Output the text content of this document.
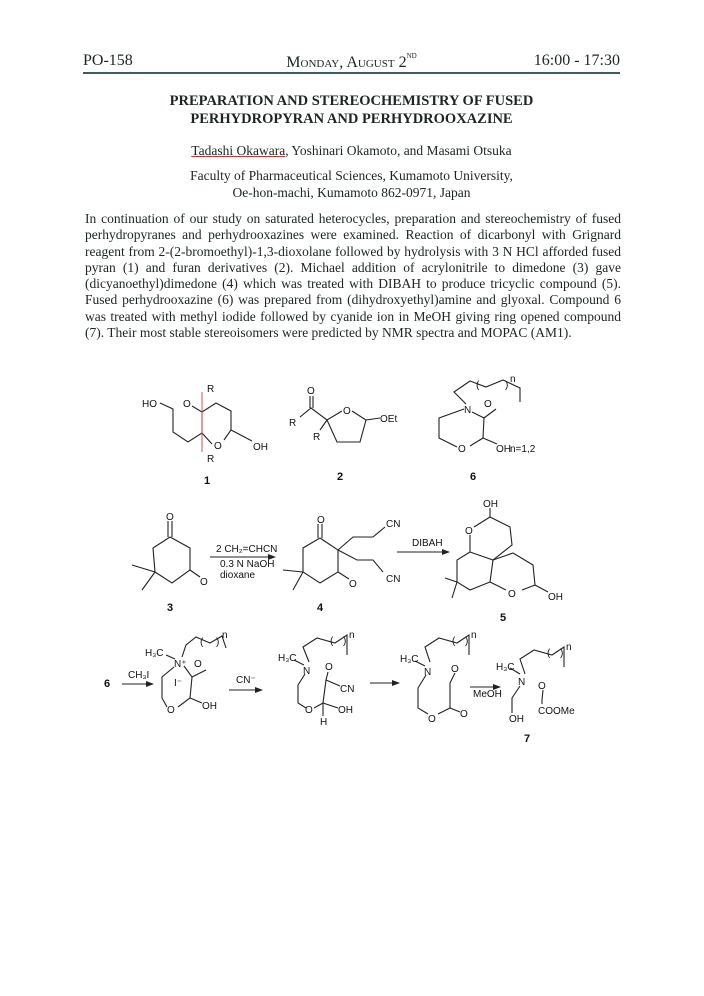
PO-158	Monday, August 2ND	16:00 - 17:30
PREPARATION AND STEREOCHEMISTRY OF FUSED
PERHYDROPYRAN AND PERHYDROOXAZINE
Tadashi Okawara, Yoshinari Okamoto, and Masami Otsuka
Faculty of Pharmaceutical Sciences, Kumamoto University,
Oe-hon-machi, Kumamoto 862-0971, Japan

In continuation of our study on saturated heterocycles, preparation and stereochemistry of fused perhydropyranes and perhydrooxazines were examined. Reaction of dicarbonyl with Grignard reagent from 2-(2-bromoethyl)-1,3-dioxolane followed by hydrolysis with 3 N HCl afforded fused pyran (1) and furan derivatives (2). Michael addition of acrylonitrile to dimedone (3) gave (dicyanoethyl)dimedone (4) which was treated with DIBAH to produce tricyclic compound (5). Fused perhydrooxazine (6) was prepared from (dihydroxyethyl)amine and glyoxal. Compound 6 was treated with methyl iodide followed by cyanide ion in MeOH giving ring opened compound (7). Their most stable stereoisomers were predicted by NMR spectra and MOPAC (AM1).

HO	O
O	OH
R
R
1
O
R
R
O
OEt
2
(	)
n
N
O
O	OH n=1,2
6
O
O
3
2 CH₂=CHCN
0.3 N NaOH
dioxane
O
O
CN
CN
4
DIBAH
OH
O
O	OH
5
6
CH₃I
( )
n
H₃C
N⁺ O
I⁻
O	OH
CN⁻
( )
n
H₃C
N O
CN
O	OH
H
( )
n
H₃C
N O
O O
MeOH
( )
n
H₃C
N O
OH
COOMe
7
